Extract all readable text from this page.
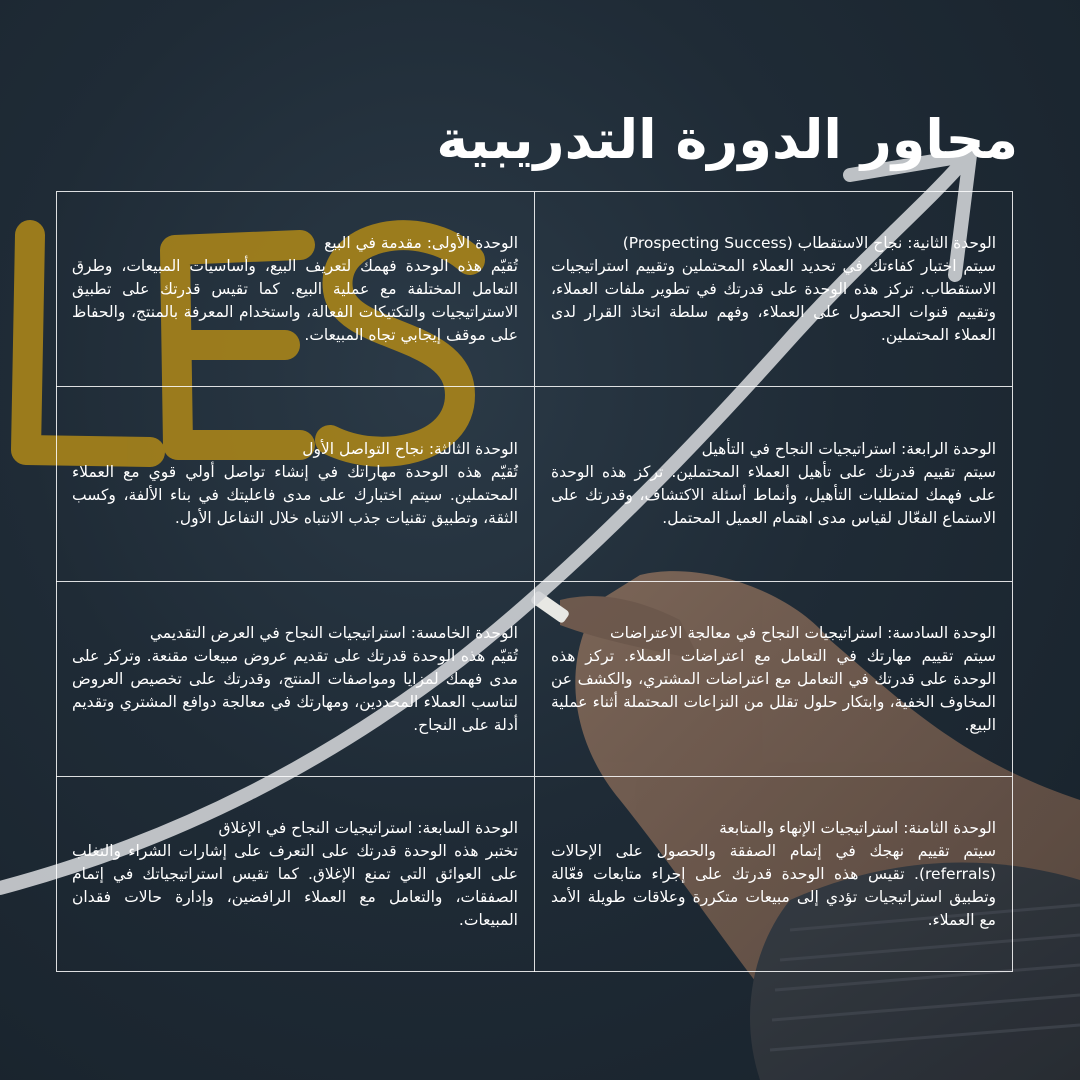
محاور الدورة التدريبية
الوحدة الثانية: نجاح الاستقطاب (Prospecting Success)
سيتم اختبار كفاءتك في تحديد العملاء المحتملين وتقييم استراتيجيات الاستقطاب. تركز هذه الوحدة على قدرتك في تطوير ملفات العملاء، وتقييم قنوات الحصول على العملاء، وفهم سلطة اتخاذ القرار لدى العملاء المحتملين.
الوحدة الأولى: مقدمة في البيع
تُقيّم هذه الوحدة فهمك لتعريف البيع، وأساسيات المبيعات، وطرق التعامل المختلفة مع عملية البيع. كما تقيس قدرتك على تطبيق الاستراتيجيات والتكتيكات الفعالة، واستخدام المعرفة بالمنتج، والحفاظ على موقف إيجابي تجاه المبيعات.
الوحدة الرابعة: استراتيجيات النجاح في التأهيل
سيتم تقييم قدرتك على تأهيل العملاء المحتملين. تركز هذه الوحدة على فهمك لمتطلبات التأهيل، وأنماط أسئلة الاكتشاف، وقدرتك على الاستماع الفعّال لقياس مدى اهتمام العميل المحتمل.
الوحدة الثالثة: نجاح التواصل الأول
تُقيّم هذه الوحدة مهاراتك في إنشاء تواصل أولي قوي مع العملاء المحتملين. سيتم اختبارك على مدى فاعليتك في بناء الألفة، وكسب الثقة، وتطبيق تقنيات جذب الانتباه خلال التفاعل الأول.
الوحدة السادسة: استراتيجيات النجاح في معالجة الاعتراضات
سيتم تقييم مهارتك في التعامل مع اعتراضات العملاء. تركز هذه الوحدة على قدرتك في التعامل مع اعتراضات المشتري، والكشف عن المخاوف الخفية، وابتكار حلول تقلل من النزاعات المحتملة أثناء عملية البيع.
الوحدة الخامسة: استراتيجيات النجاح في العرض التقديمي
تُقيّم هذه الوحدة قدرتك على تقديم عروض مبيعات مقنعة. وتركز على مدى فهمك لمزايا ومواصفات المنتج، وقدرتك على تخصيص العروض لتناسب العملاء المحددين، ومهارتك في معالجة دوافع المشتري وتقديم أدلة على النجاح.
الوحدة الثامنة: استراتيجيات الإنهاء والمتابعة
سيتم تقييم نهجك في إتمام الصفقة والحصول على الإحالات (referrals). تقيس هذه الوحدة قدرتك على إجراء متابعات فعّالة وتطبيق استراتيجيات تؤدي إلى مبيعات متكررة وعلاقات طويلة الأمد مع العملاء.
الوحدة السابعة: استراتيجيات النجاح في الإغلاق
تختبر هذه الوحدة قدرتك على التعرف على إشارات الشراء والتغلب على العوائق التي تمنع الإغلاق. كما تقيس استراتيجياتك في إتمام الصفقات، والتعامل مع العملاء الرافضين، وإدارة حالات فقدان المبيعات.
